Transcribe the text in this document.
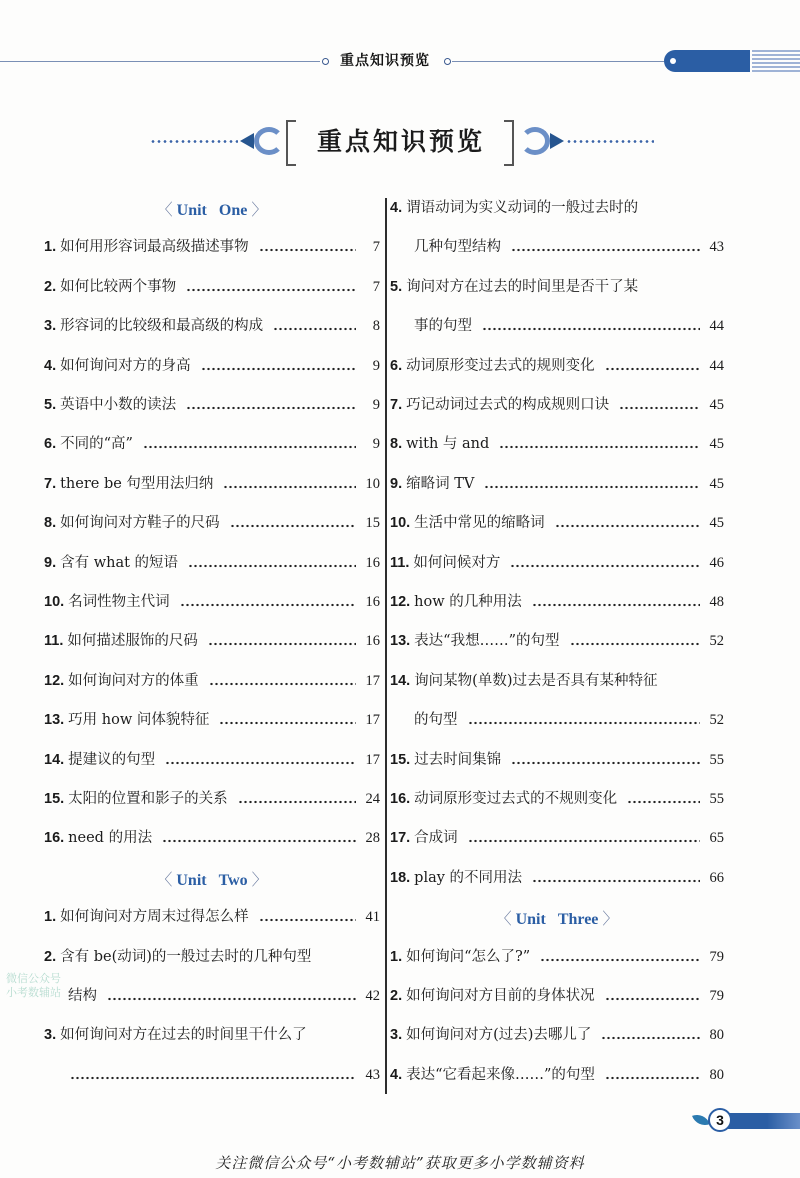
重点知识预览
重点知识预览
〈 Unit One 〉
1. 如何用形容词最高级描述事物	7
2. 如何比较两个事物	7
3. 形容词的比较级和最高级的构成	8
4. 如何询问对方的身高	9
5. 英语中小数的读法	9
6. 不同的“高”	9
7. there be 句型用法归纳	10
8. 如何询问对方鞋子的尺码	15
9. 含有 what 的短语	16
10. 名词性物主代词	16
11. 如何描述服饰的尺码	16
12. 如何询问对方的体重	17
13. 巧用 how 问体貌特征	17
14. 提建议的句型	17
15. 太阳的位置和影子的关系	24
16. need 的用法	28
〈 Unit Two 〉
1. 如何询问对方周末过得怎么样	41
2. 含有 be(动词)的一般过去时的几种句型
结构	42
3. 如何询问对方在过去的时间里干什么了
43
4. 谓语动词为实义动词的一般过去时的
几种句型结构	43
5. 询问对方在过去的时间里是否干了某
事的句型	44
6. 动词原形变过去式的规则变化	44
7. 巧记动词过去式的构成规则口诀	45
8. with 与 and	45
9. 缩略词 TV	45
10. 生活中常见的缩略词	45
11. 如何问候对方	46
12. how 的几种用法	48
13. 表达“我想……”的句型	52
14. 询问某物(单数)过去是否具有某种特征
的句型	52
15. 过去时间集锦	55
16. 动词原形变过去式的不规则变化	55
17. 合成词	65
18. play 的不同用法	66
〈 Unit Three 〉
1. 如何询问“怎么了?”	79
2. 如何询问对方目前的身体状况	79
3. 如何询问对方(过去)去哪儿了	80
4. 表达“它看起来像……”的句型	80
微信公众号
小考数辅站
3
关注微信公众号“小考数辅站”获取更多小学数辅资料
